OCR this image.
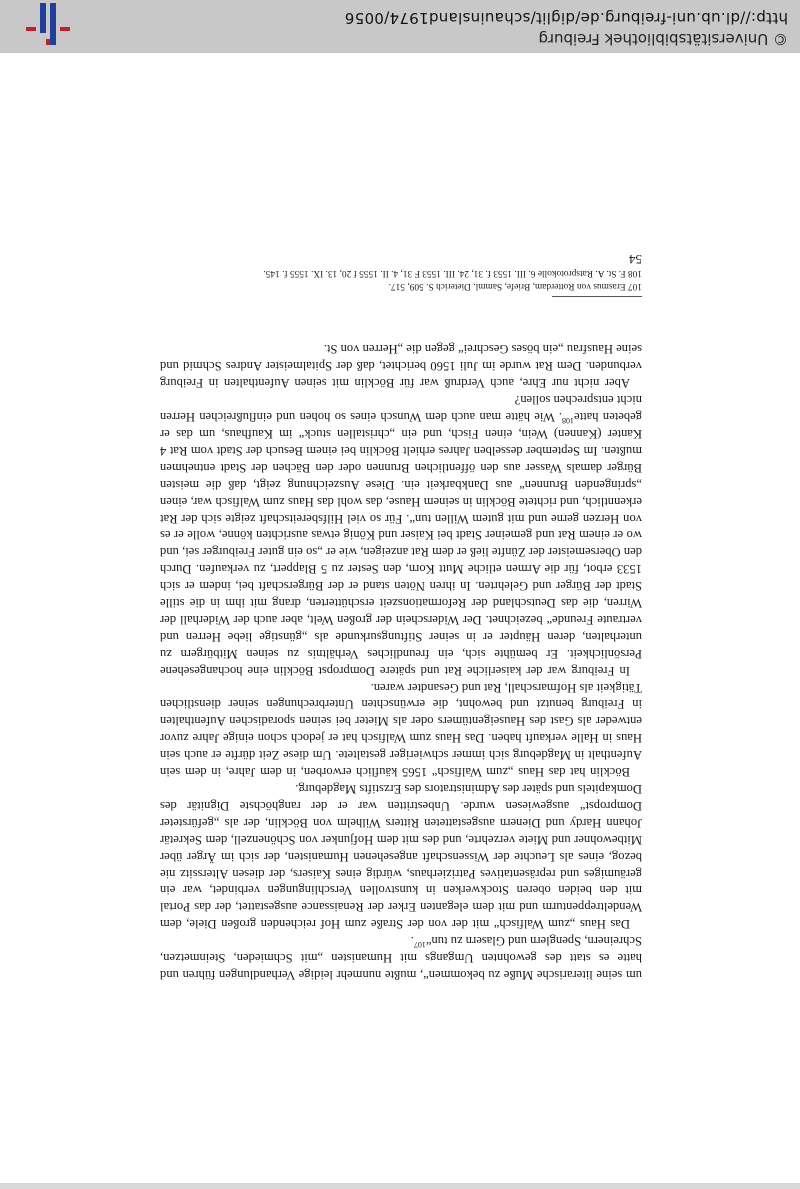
um seine literarische Muße zu bekommen“, mußte nunmehr leidige Verhandlungen führen und hatte es statt des gewohnten Umgangs mit Humanisten „mit Schmieden, Steinmetzen, Schreinern, Spenglern und Glasern zu tun“$^{107}$.

Das Haus „zum Walfisch“ mit der von der Straße zum Hof reichenden großen Diele, dem Wendeltreppenturm und mit dem eleganten Erker der Renaissance ausgestattet, der das Portal mit den beiden oberen Stockwerken in kunstvollen Verschlingungen verbindet, war ein geräumiges und repräsentatives Patrizierhaus, würdig eines Kaisers, der diesen Alterssitz nie bezog, eines als Leuchte der Wissenschaft angesehenen Humanisten, der sich im Ärger über Mitbewohner und Miete verzehrte, und des mit dem Hofjunker von Schönenzell, dem Sekretär Johann Hardy und Dienern ausgestatteten Ritters Wilhelm von Böcklin, der als „gefürsteter Dompropst“ ausgewiesen wurde. Unbestritten war er der ranghöchste Dignitär des Domkapitels und später des Administrators des Erzstifts Magdeburg.

Böcklin hat das Haus „zum Walfisch“ 1565 käuflich erworben, in dem Jahre, in dem sein Aufenthalt in Magdeburg sich immer schwieriger gestaltete. Um diese Zeit dürfte er auch sein Haus in Halle verkauft haben. Das Haus zum Walfisch hat er jedoch schon einige Jahre zuvor entweder als Gast des Hauseigentümers oder als Mieter bei seinen sporadischen Aufenthalten in Freiburg benutzt und bewohnt, die erwünschten Unterbrechungen seiner dienstlichen Tätigkeit als Hofmarschall, Rat und Gesandter waren.

In Freiburg war der kaiserliche Rat und spätere Dompropst Böcklin eine hochangesehene Persönlichkeit. Er bemühte sich, ein freundliches Verhältnis zu seinen Mitbürgern zu unterhalten, deren Häupter er in seiner Stiftungsurkunde als „günstige liebe Herren und vertraute Freunde“ bezeichnet. Der Widerschein der großen Welt, aber auch der Widerhall der Wirren, die das Deutschland der Reformationszeit erschütterten, drang mit ihm in die stille Stadt der Bürger und Gelehrten. In ihren Nöten stand er der Bürgerschaft bei, indem er sich 1533 erbot, für die Armen etliche Mutt Korn, den Sester zu 5 Blappert, zu verkaufen. Durch den Obersemeister der Zünfte ließ er dem Rat anzeigen, wie er „so ein guter Freiburger sei, und wo er einem Rat und gemeiner Stadt bei Kaiser und König etwas ausrichten könne, wolle er es von Herzen gerne und mit gutem Willen tun“. Für so viel Hilfsbereitschaft zeigte sich der Rat erkenntlich, und richtete Böcklin in seinem Hause, das wohl das Haus zum Walfisch war, einen „springenden Brunnen“ aus Dankbarkeit ein. Diese Auszeichnung zeigt, daß die meisten Bürger damals Wasser aus den öffentlichen Brunnen oder den Bächen der Stadt entnehmen mußten. Im September desselben Jahres erhielt Böcklin bei einem Besuch der Stadt vom Rat 4 Kanter (Kannen) Wein, einen Fisch, und ein „christallen stuck“ im Kaufhaus, um das er gebeten hatte$^{108}$. Wie hätte man auch dem Wunsch eines so hohen und einflußreichen Herren nicht entsprechen sollen?

Aber nicht nur Ehre, auch Verdruß war für Böcklin mit seinen Aufenthalten in Freiburg verbunden. Dem Rat wurde im Juli 1560 berichtet, daß der Spitalmeister Andres Schmid und seine Hausfrau „ein böses Geschrei“ gegen die „Herren von St.

107 Erasmus von Rotterdam, Briefe, Samml. Dieterich S. 509, 517.

108 F. St. A. Ratsprotokolle 6. III. 1553 f. 31, 24. III. 1553 F 31, 4. II. 1555 f 20, 13. IX. 1555 f. 145.

54
© Universitätsbibliothek Freiburg
http://dl.ub.uni-freiburg.de/diglit/schauinsland1974/0056
